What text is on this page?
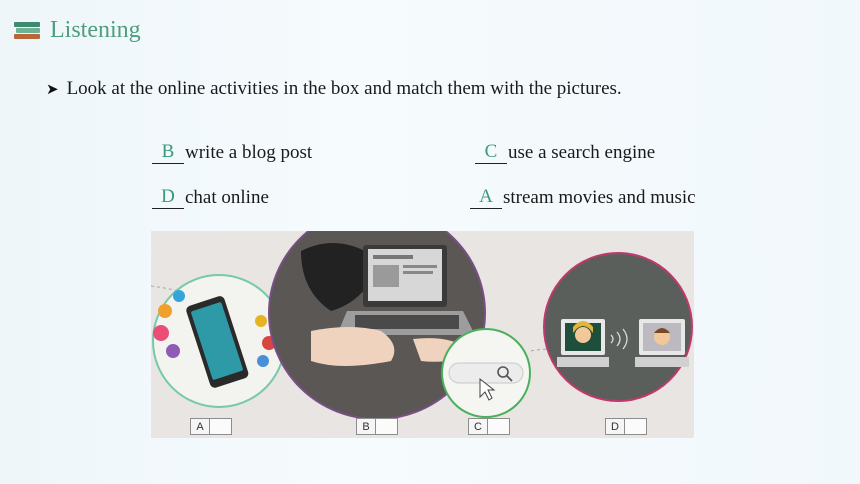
Listening
➤ Look at the online activities in the box and match them with the pictures.
B write a blog post	C use a search engine
D chat online	A stream movies and music
A	B	C	D
